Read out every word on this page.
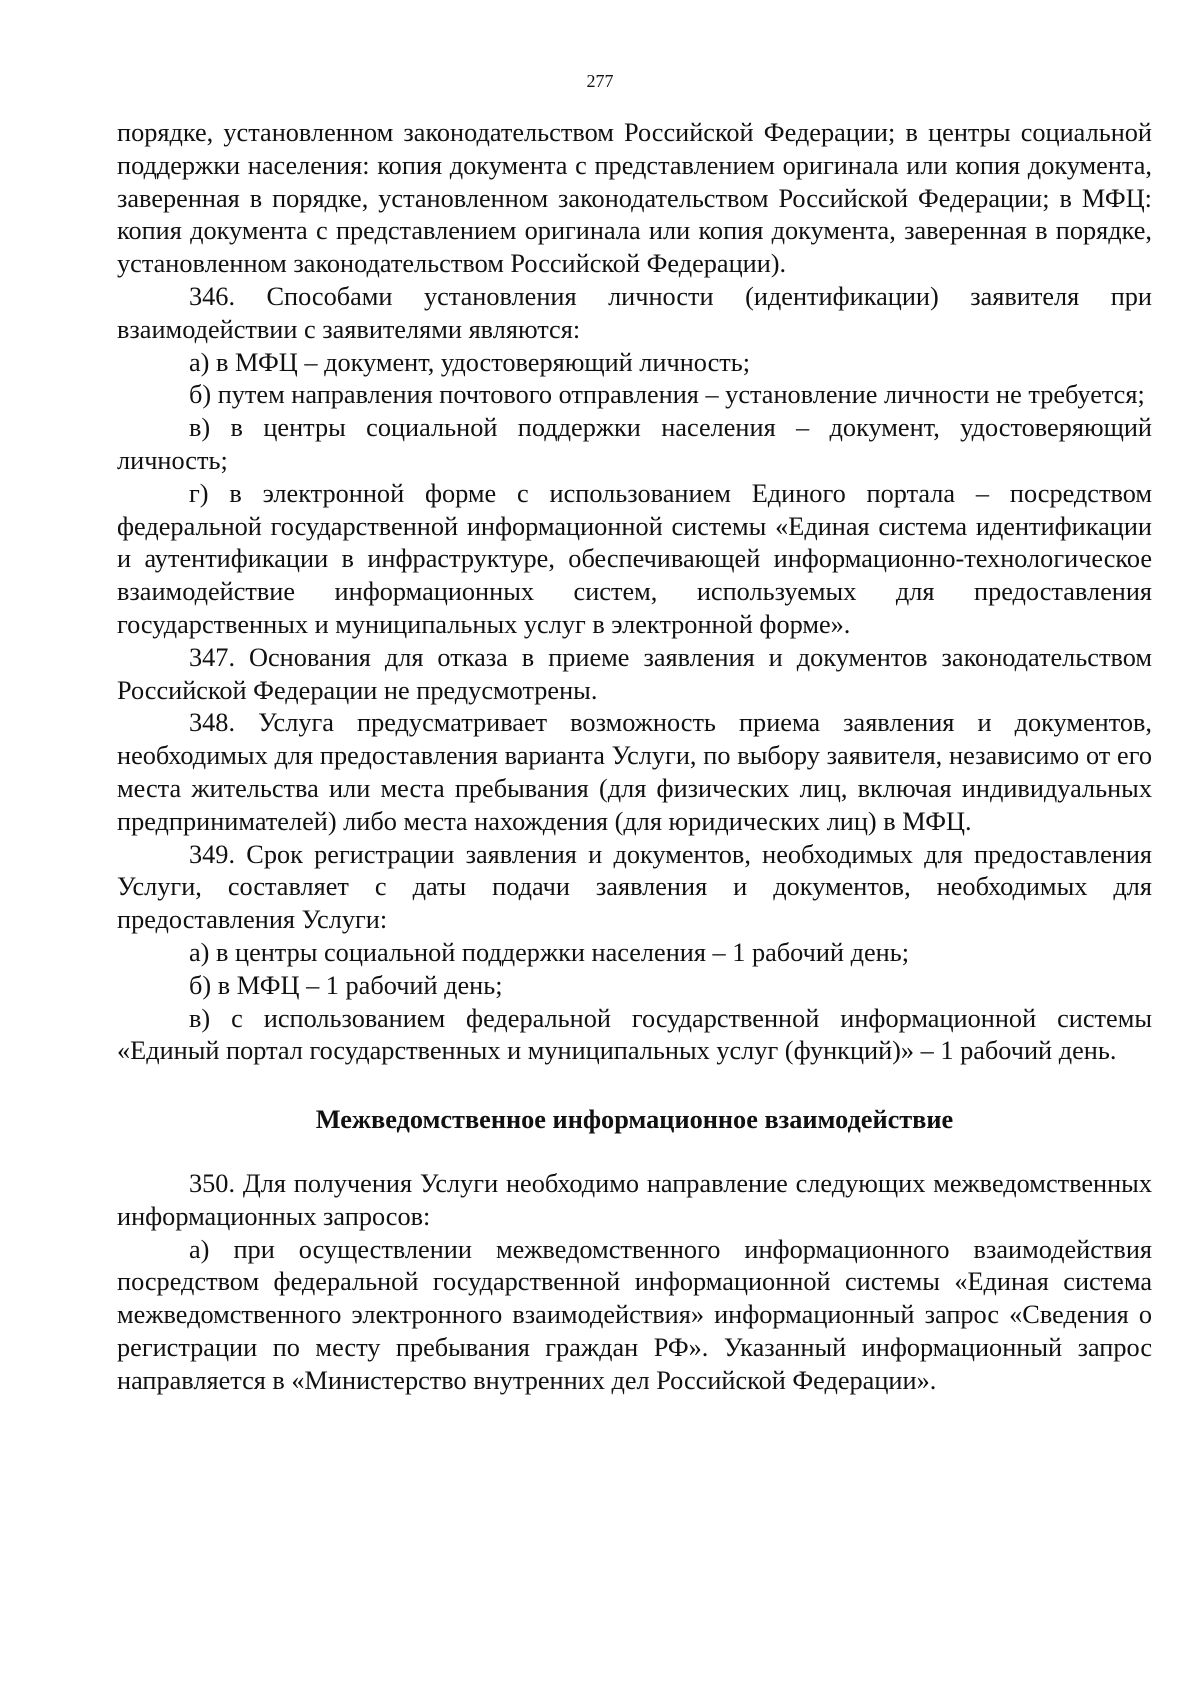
277

порядке, установленном законодательством Российской Федерации; в центры социальной поддержки населения: копия документа с представлением оригинала или копия документа, заверенная в порядке, установленном законодательством Российской Федерации; в МФЦ: копия документа с представлением оригинала или копия документа, заверенная в порядке, установленном законодательством Российской Федерации).

346. Способами установления личности (идентификации) заявителя при взаимодействии с заявителями являются:

а) в МФЦ – документ, удостоверяющий личность;

б) путем направления почтового отправления – установление личности не требуется;

в) в центры социальной поддержки населения – документ, удостоверяющий личность;

г) в электронной форме с использованием Единого портала – посредством федеральной государственной информационной системы «Единая система идентификации и аутентификации в инфраструктуре, обеспечивающей информационно-технологическое взаимодействие информационных систем, используемых для предоставления государственных и муниципальных услуг в электронной форме».

347. Основания для отказа в приеме заявления и документов законодательством Российской Федерации не предусмотрены.

348. Услуга предусматривает возможность приема заявления и документов, необходимых для предоставления варианта Услуги, по выбору заявителя, независимо от его места жительства или места пребывания (для физических лиц, включая индивидуальных предпринимателей) либо места нахождения (для юридических лиц) в МФЦ.

349. Срок регистрации заявления и документов, необходимых для предоставления Услуги, составляет с даты подачи заявления и документов, необходимых для предоставления Услуги:

а) в центры социальной поддержки населения – 1 рабочий день;

б) в МФЦ – 1 рабочий день;

в) с использованием федеральной государственной информационной системы «Единый портал государственных и муниципальных услуг (функций)» – 1 рабочий день.

Межведомственное информационное взаимодействие

350. Для получения Услуги необходимо направление следующих межведомственных информационных запросов:

а) при осуществлении межведомственного информационного взаимодействия посредством федеральной государственной информационной системы «Единая система межведомственного электронного взаимодействия» информационный запрос «Сведения о регистрации по месту пребывания граждан РФ». Указанный информационный запрос направляется в «Министерство внутренних дел Российской Федерации».
